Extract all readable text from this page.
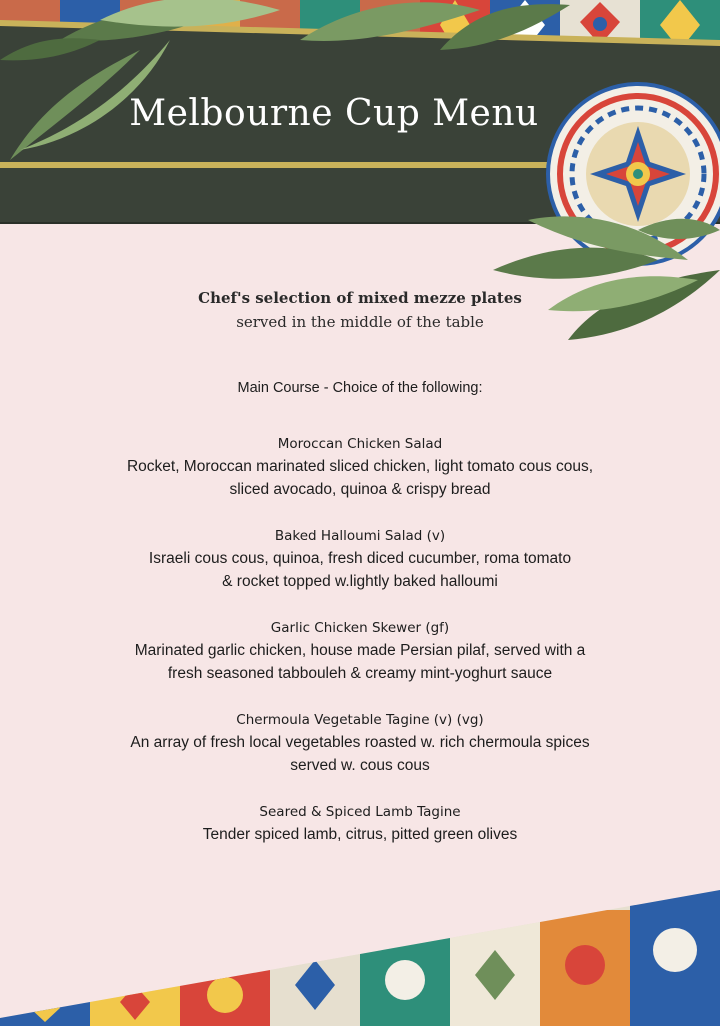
Melbourne Cup Menu
Chef's selection of mixed mezze plates
served in the middle of the table
Main Course - Choice of the following:
Moroccan Chicken Salad
Rocket, Moroccan marinated sliced chicken, light tomato cous cous,
sliced avocado, quinoa & crispy bread
Baked Halloumi Salad (v)
Israeli cous cous, quinoa, fresh diced cucumber, roma tomato
& rocket topped w.lightly baked halloumi
Garlic Chicken Skewer (gf)
Marinated garlic chicken, house made Persian pilaf, served with a
fresh seasoned tabbouleh & creamy mint-yoghurt sauce
Chermoula Vegetable Tagine (v) (vg)
An array of fresh local vegetables roasted w. rich chermoula spices
served w. cous cous
Seared & Spiced Lamb Tagine
Tender spiced lamb, citrus, pitted green olives
